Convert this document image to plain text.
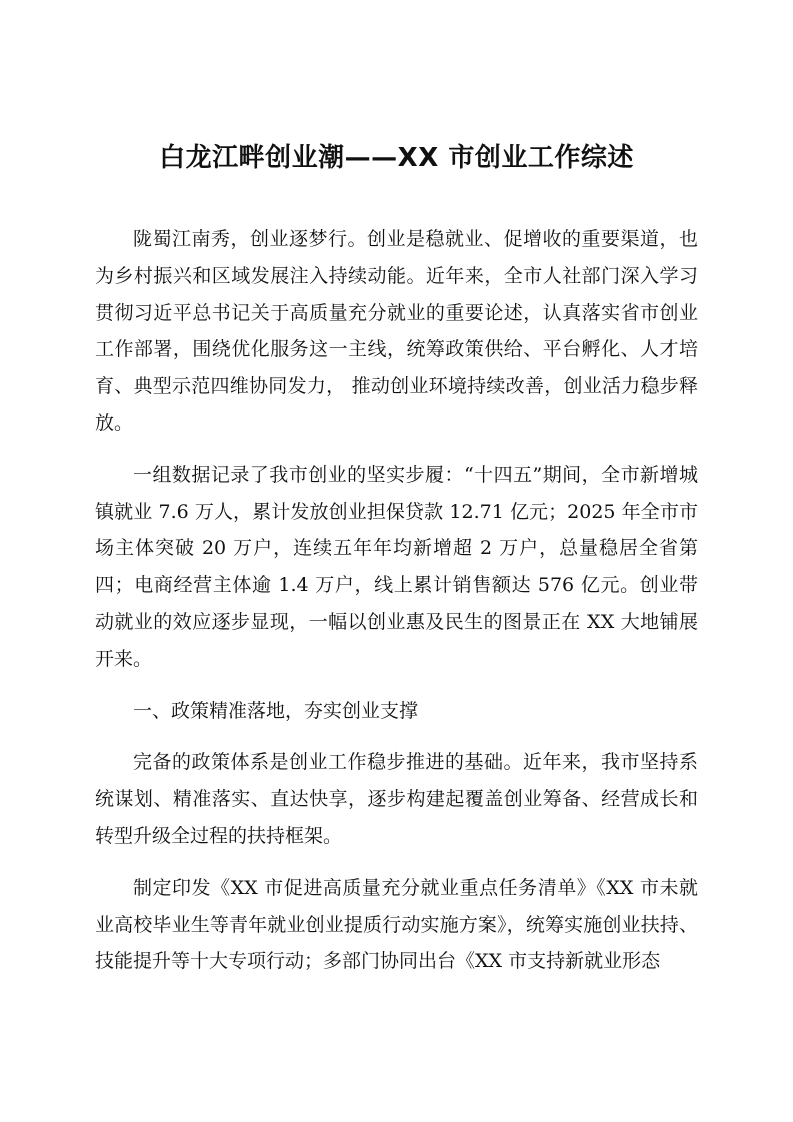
白龙江畔创业潮——XX 市创业工作综述

陇蜀江南秀，创业逐梦行。创业是稳就业、促增收的重要渠道，也为乡村振兴和区域发展注入持续动能。近年来，全市人社部门深入学习贯彻习近平总书记关于高质量充分就业的重要论述，认真落实省市创业工作部署，围绕优化服务这一主线，统筹政策供给、平台孵化、人才培育、典型示范四维协同发力， 推动创业环境持续改善，创业活力稳步释放。

一组数据记录了我市创业的坚实步履：“十四五”期间，全市新增城镇就业 7.6 万人，累计发放创业担保贷款 12.71 亿元；2025 年全市市场主体突破 20 万户，连续五年年均新增超 2 万户，总量稳居全省第四；电商经营主体逾 1.4 万户，线上累计销售额达 576 亿元。创业带动就业的效应逐步显现，一幅以创业惠及民生的图景正在 XX 大地铺展开来。

一、政策精准落地，夯实创业支撑

完备的政策体系是创业工作稳步推进的基础。近年来，我市坚持系统谋划、精准落实、直达快享，逐步构建起覆盖创业筹备、经营成长和转型升级全过程的扶持框架。

制定印发《XX 市促进高质量充分就业重点任务清单》《XX 市未就业高校毕业生等青年就业创业提质行动实施方案》，统筹实施创业扶持、技能提升等十大专项行动；多部门协同出台《XX 市支持新就业形态
